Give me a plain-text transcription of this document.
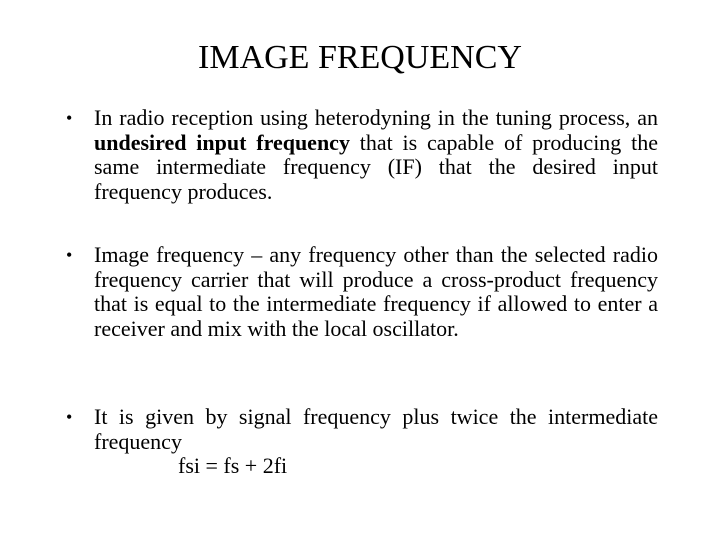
IMAGE FREQUENCY
• In radio reception using heterodyning in the tuning process, an undesired input frequency that is capable of producing the same intermediate frequency (IF) that the desired input frequency produces.
• Image frequency – any frequency other than the selected radio frequency carrier that will produce a cross-product frequency that is equal to the intermediate frequency if allowed to enter a receiver and mix with the local oscillator.
• It is given by signal frequency plus twice the intermediate frequency
fsi = fs + 2fi
